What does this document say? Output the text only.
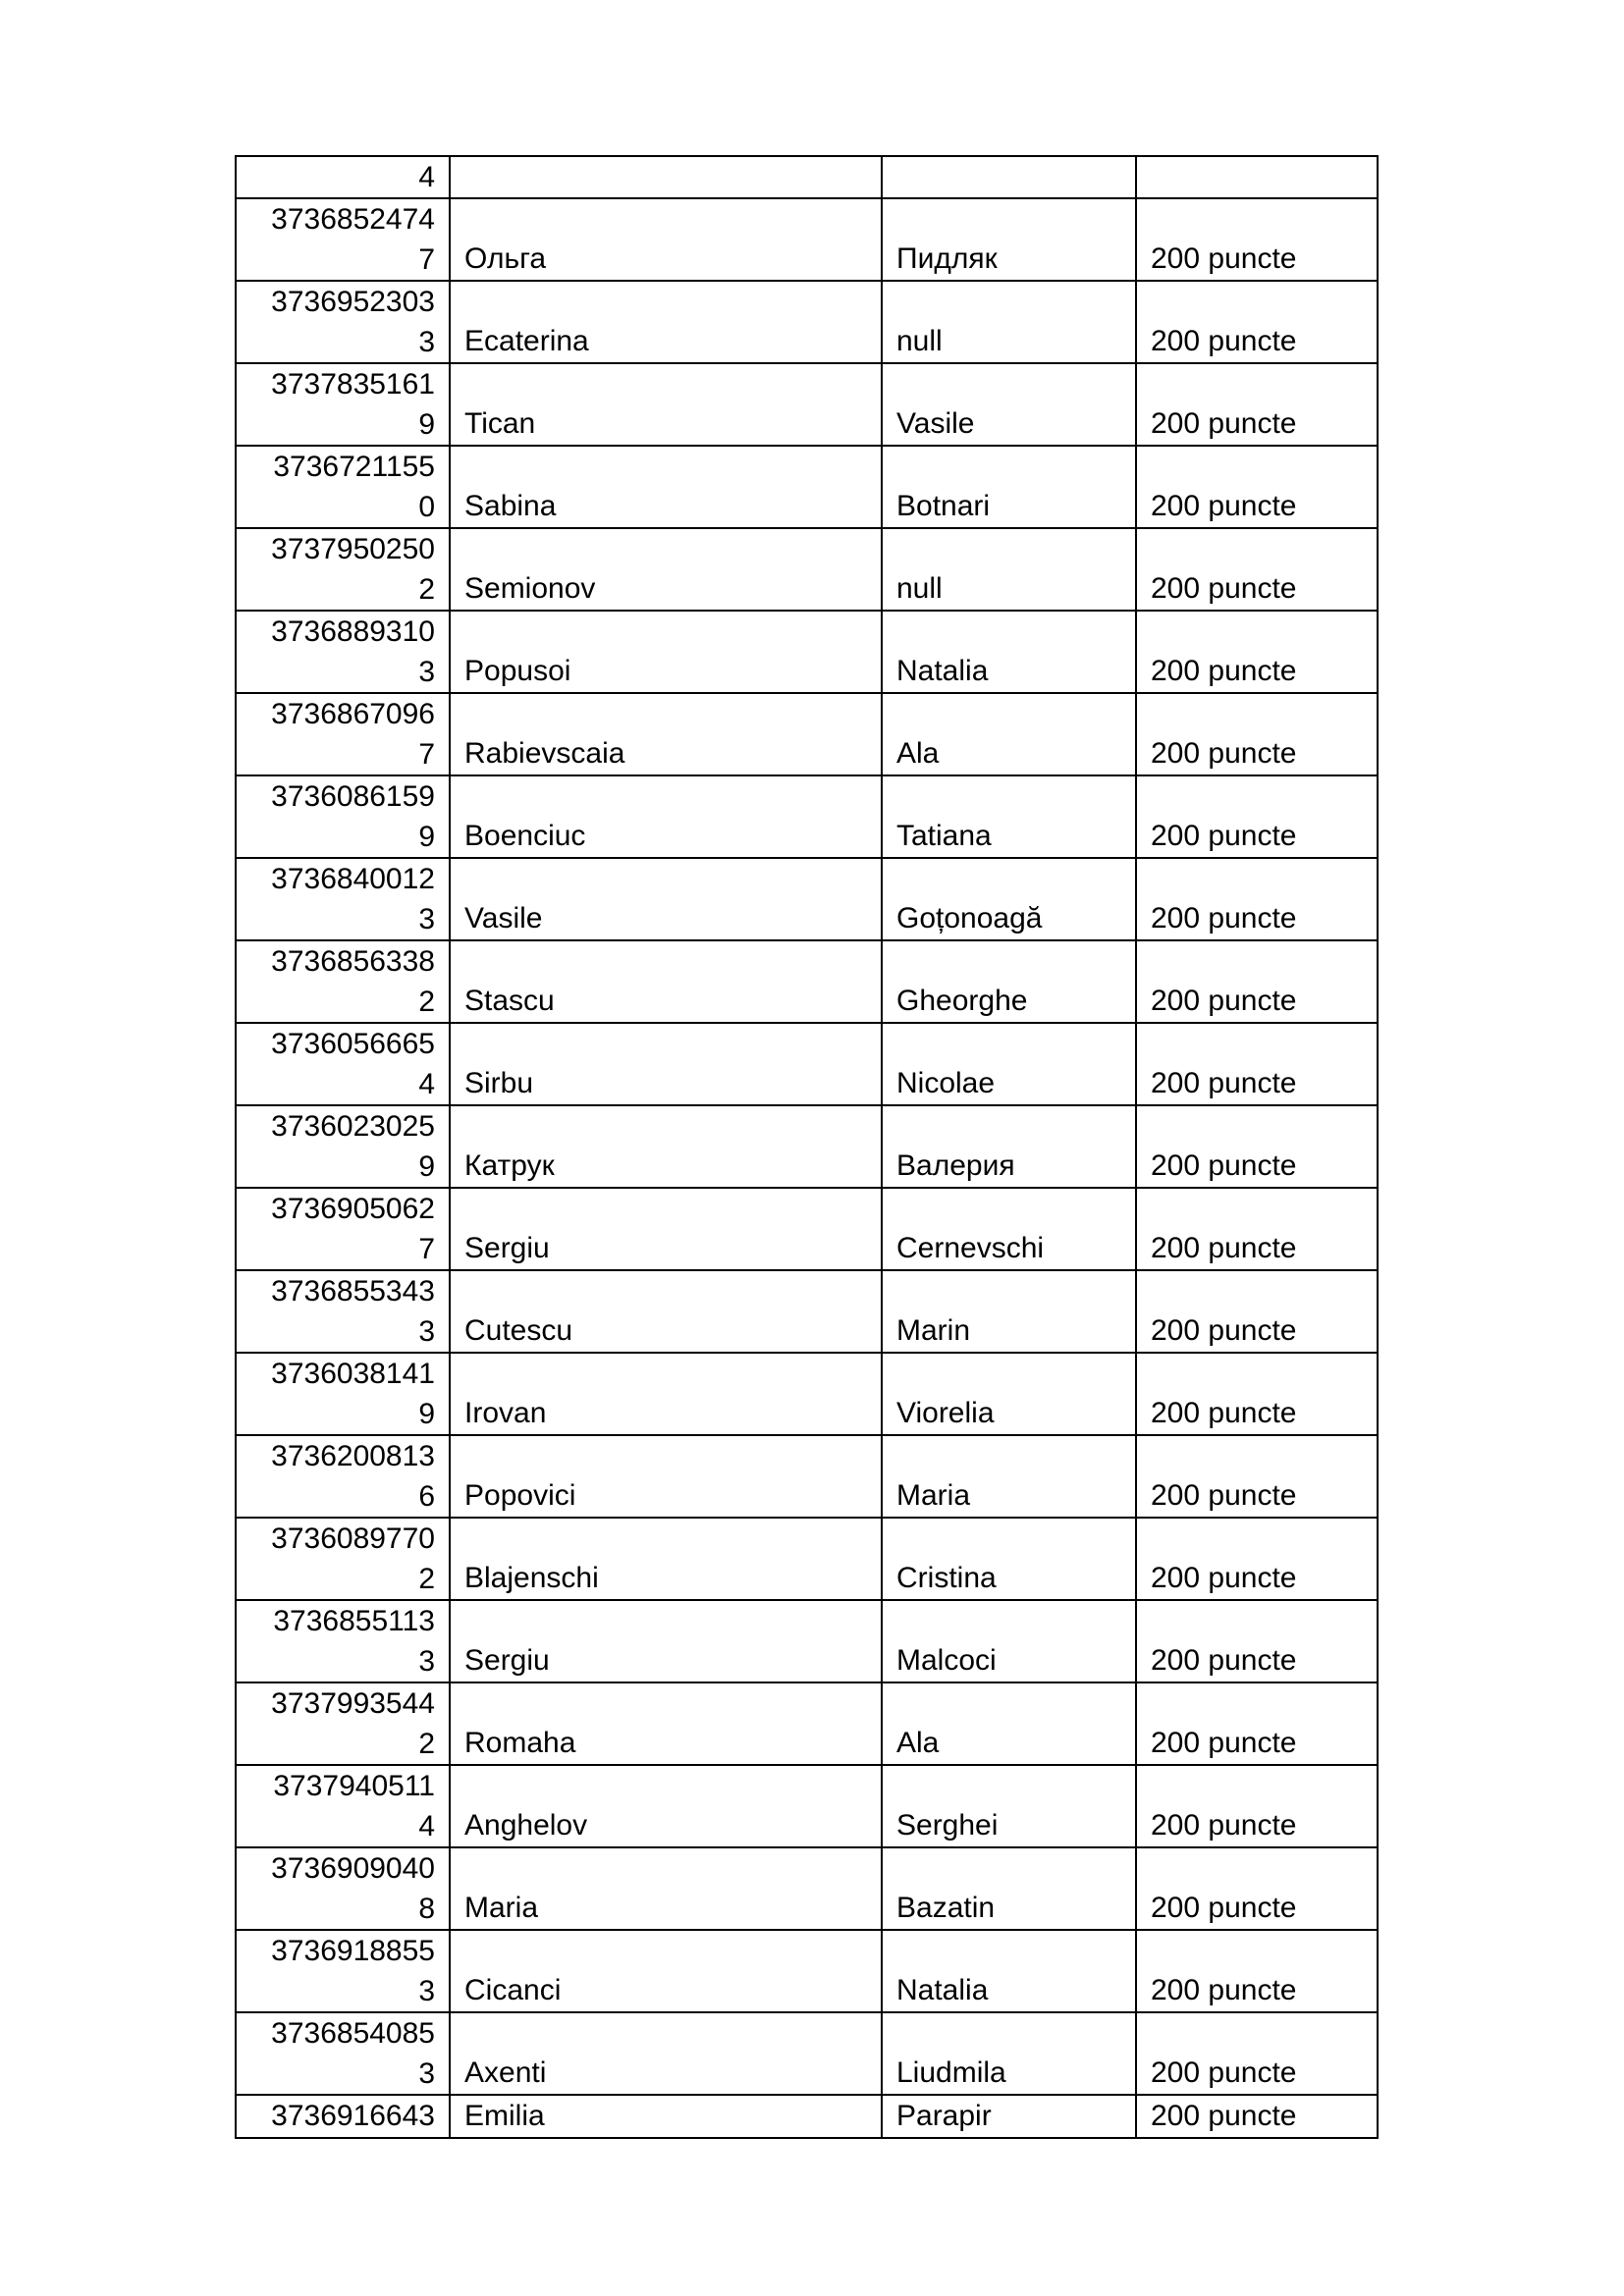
4			

3736852474
7	Ольга	Пидляк	200 puncte

3736952303
3	Ecaterina	null	200 puncte

3737835161
9	Tican	Vasile	200 puncte

3736721155
0	Sabina	Botnari	200 puncte

3737950250
2	Semionov	null	200 puncte

3736889310
3	Popusoi	Natalia	200 puncte

3736867096
7	Rabievscaia	Ala	200 puncte

3736086159
9	Boenciuc	Tatiana	200 puncte

3736840012
3	Vasile	Goțonoagă	200 puncte

3736856338
2	Stascu	Gheorghe	200 puncte

3736056665
4	Sirbu	Nicolae	200 puncte

3736023025
9	Катрук	Валерия	200 puncte

3736905062
7	Sergiu	Cernevschi	200 puncte

3736855343
3	Cutescu	Marin	200 puncte

3736038141
9	Irovan	Viorelia	200 puncte

3736200813
6	Popovici	Maria	200 puncte

3736089770
2	Blajenschi	Cristina	200 puncte

3736855113
3	Sergiu	Malcoci	200 puncte

3737993544
2	Romaha	Ala	200 puncte

3737940511
4	Anghelov	Serghei	200 puncte

3736909040
8	Maria	Bazatin	200 puncte

3736918855
3	Cicanci	Natalia	200 puncte

3736854085
3	Axenti	Liudmila	200 puncte
3736916643	Emilia	Parapir	200 puncte
